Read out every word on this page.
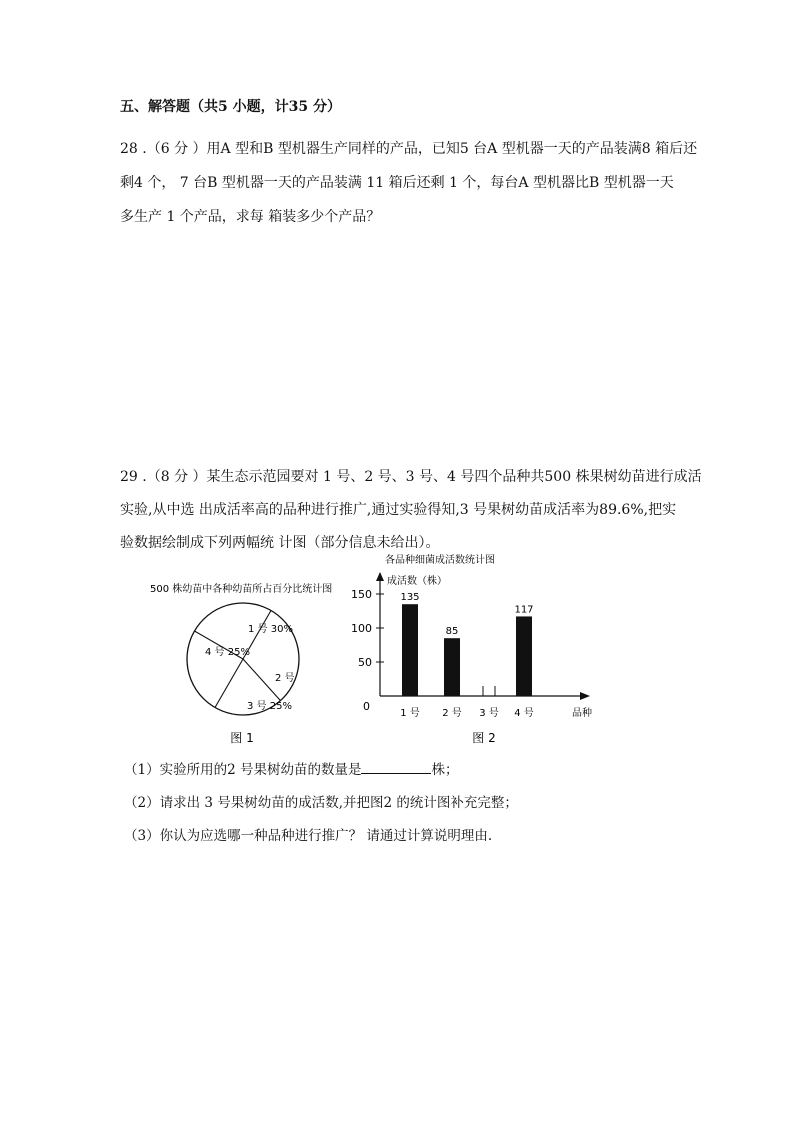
五、解答题（共5 小题，计35 分）
28 .（6 分 ）用A 型和B 型机器生产同样的产品，已知5 台A 型机器一天的产品装满8 箱后还
剩4 个， 7 台B 型机器一天的产品装满 11 箱后还剩 1 个，每台A 型机器比B 型机器一天
多生产 1 个产品，求每 箱装多少个产品？
29 .（8 分 ）某生态示范园要对 1 号、2 号、3 号、4 号四个品种共500 株果树幼苗进行成活
实验,从中选 出成活率高的品种进行推广,通过实验得知,3 号果树幼苗成活率为89.6%,把实
验数据绘制成下列两幅统 计图（部分信息未给出）。
500 株幼苗中各种幼苗所占百分比统计图
1 号 30%
2 号
3 号 25%
4 号 25%
图 1
各品种细菌成活数统计图
成活数（株）
0
50
100
150	135
1 号
85
2 号 3 号
117
4 号	品种
图 2
（1）实验所用的2 号果树幼苗的数量是	株；
（2）请求出 3 号果树幼苗的成活数,并把图2 的统计图补充完整；
（3）你认为应选哪一种品种进行推广？ 请通过计算说明理由.
